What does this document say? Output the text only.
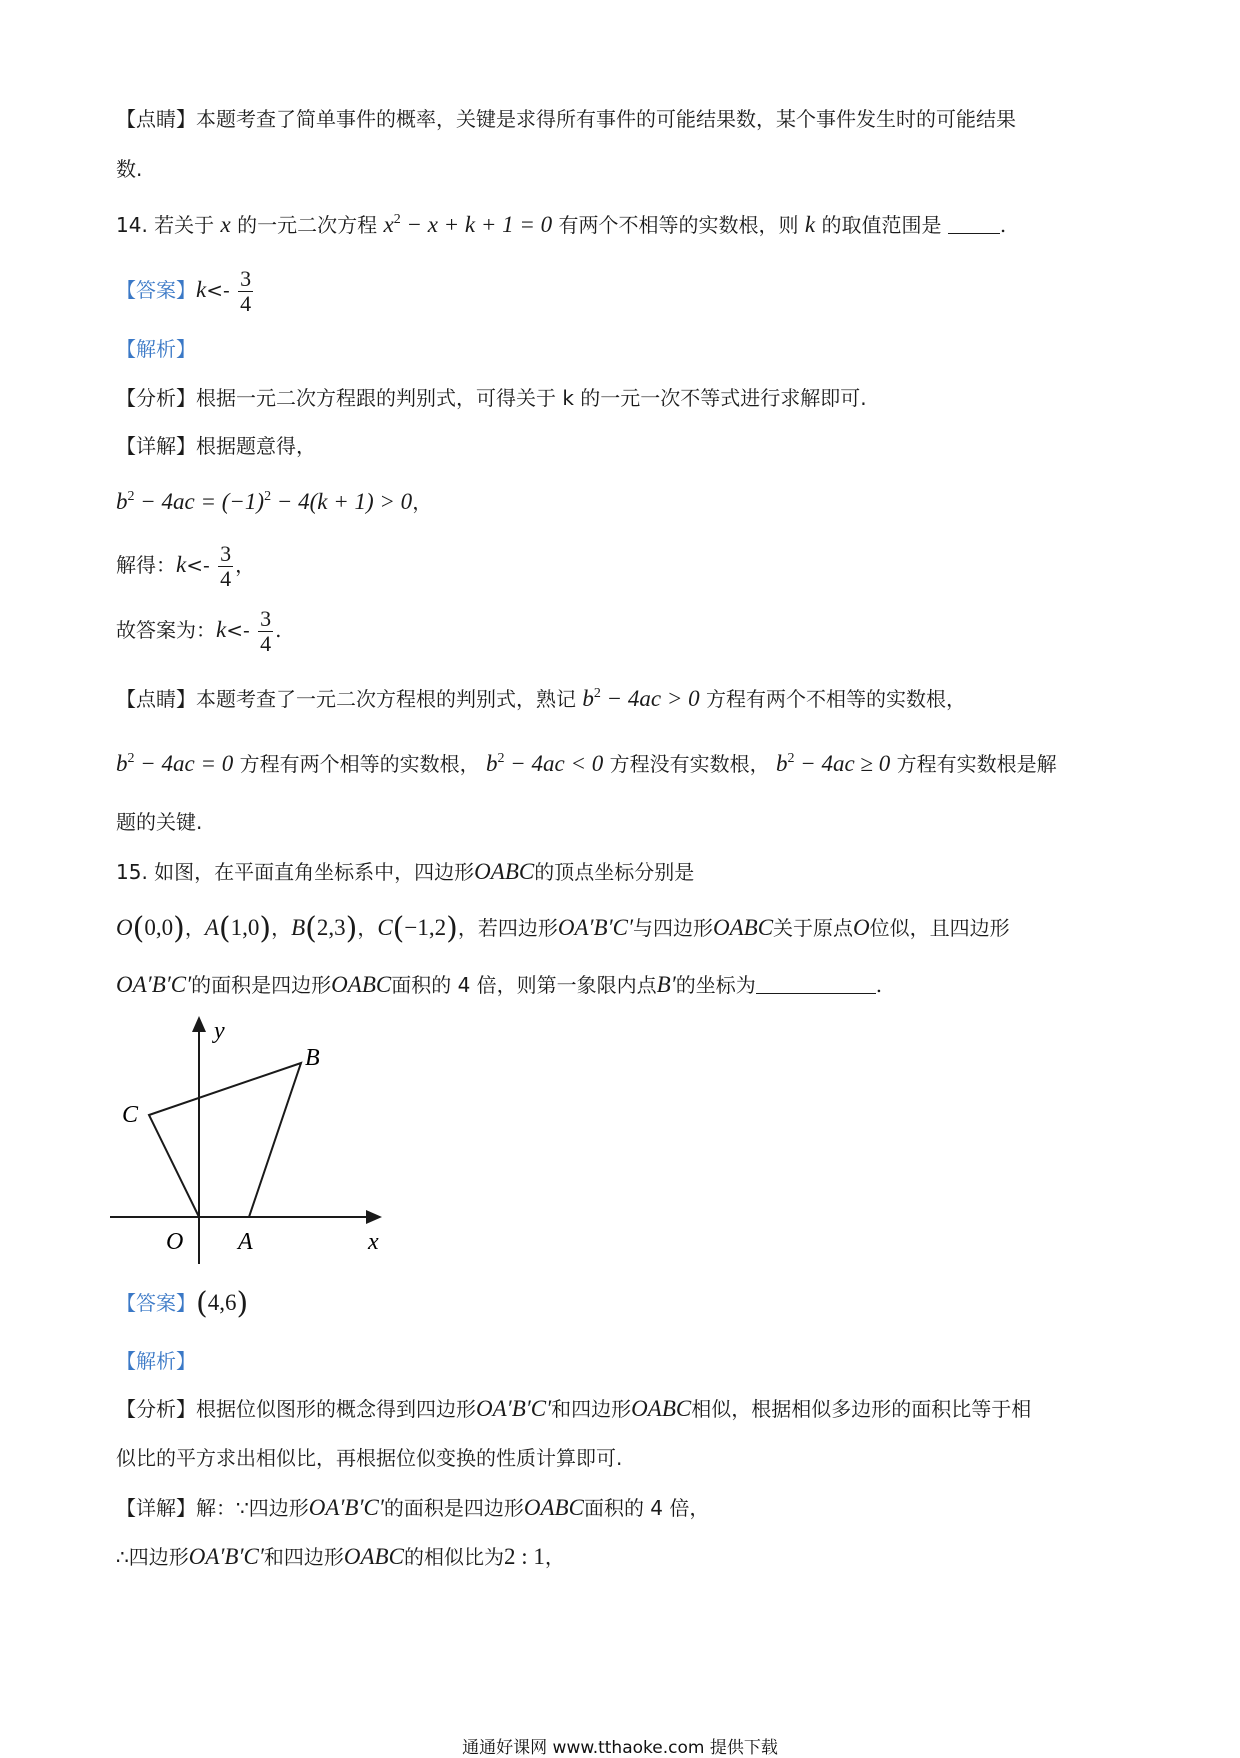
【点睛】本题考查了简单事件的概率，关键是求得所有事件的可能结果数，某个事件发生时的可能结果
数.
14. 若关于 x 的一元二次方程 $x^2 - x + k + 1 = 0$ 有两个不相等的实数根，则 k 的取值范围是	.
【答案】$k<- \frac{3}{4}$
【解析】
【分析】根据一元二次方程跟的判别式，可得关于 k 的一元一次不等式进行求解即可.
【详解】根据题意得，
$b^2 - 4ac = (-1)^2 - 4(k + 1) > 0$，
解得：$k<- \frac{3}{4}$ ，
故答案为：$k<- \frac{3}{4}$ .
【点睛】本题考查了一元二次方程根的判别式，熟记 $b^2 - 4ac > 0$ 方程有两个不相等的实数根，
$b^2 - 4ac = 0$ 方程有两个相等的实数根， $b^2 - 4ac < 0$ 方程没有实数根， $b^2 - 4ac \ge 0$ 方程有实数根是解
题的关键.
15. 如图，在平面直角坐标系中，四边形OABC的顶点坐标分别是
O(0,0)，A(1,0)，B(2,3)，C(−1,2)，若四边形OA′B′C′与四边形OABC关于原点O位似，且四边形
OA′B′C′的面积是四边形OABC面积的 4 倍，则第一象限内点B′的坐标为	.
y
x
O A
B
C
【答案】(4,6)
【解析】
【分析】根据位似图形的概念得到四边形OA′B′C′和四边形OABC相似，根据相似多边形的面积比等于相
似比的平方求出相似比，再根据位似变换的性质计算即可.
【详解】解：∵四边形OA′B′C′的面积是四边形OABC面积的 4 倍，
∴四边形OA′B′C′和四边形OABC的相似比为2 : 1，
通通好课网 www.tthaoke.com 提供下载
